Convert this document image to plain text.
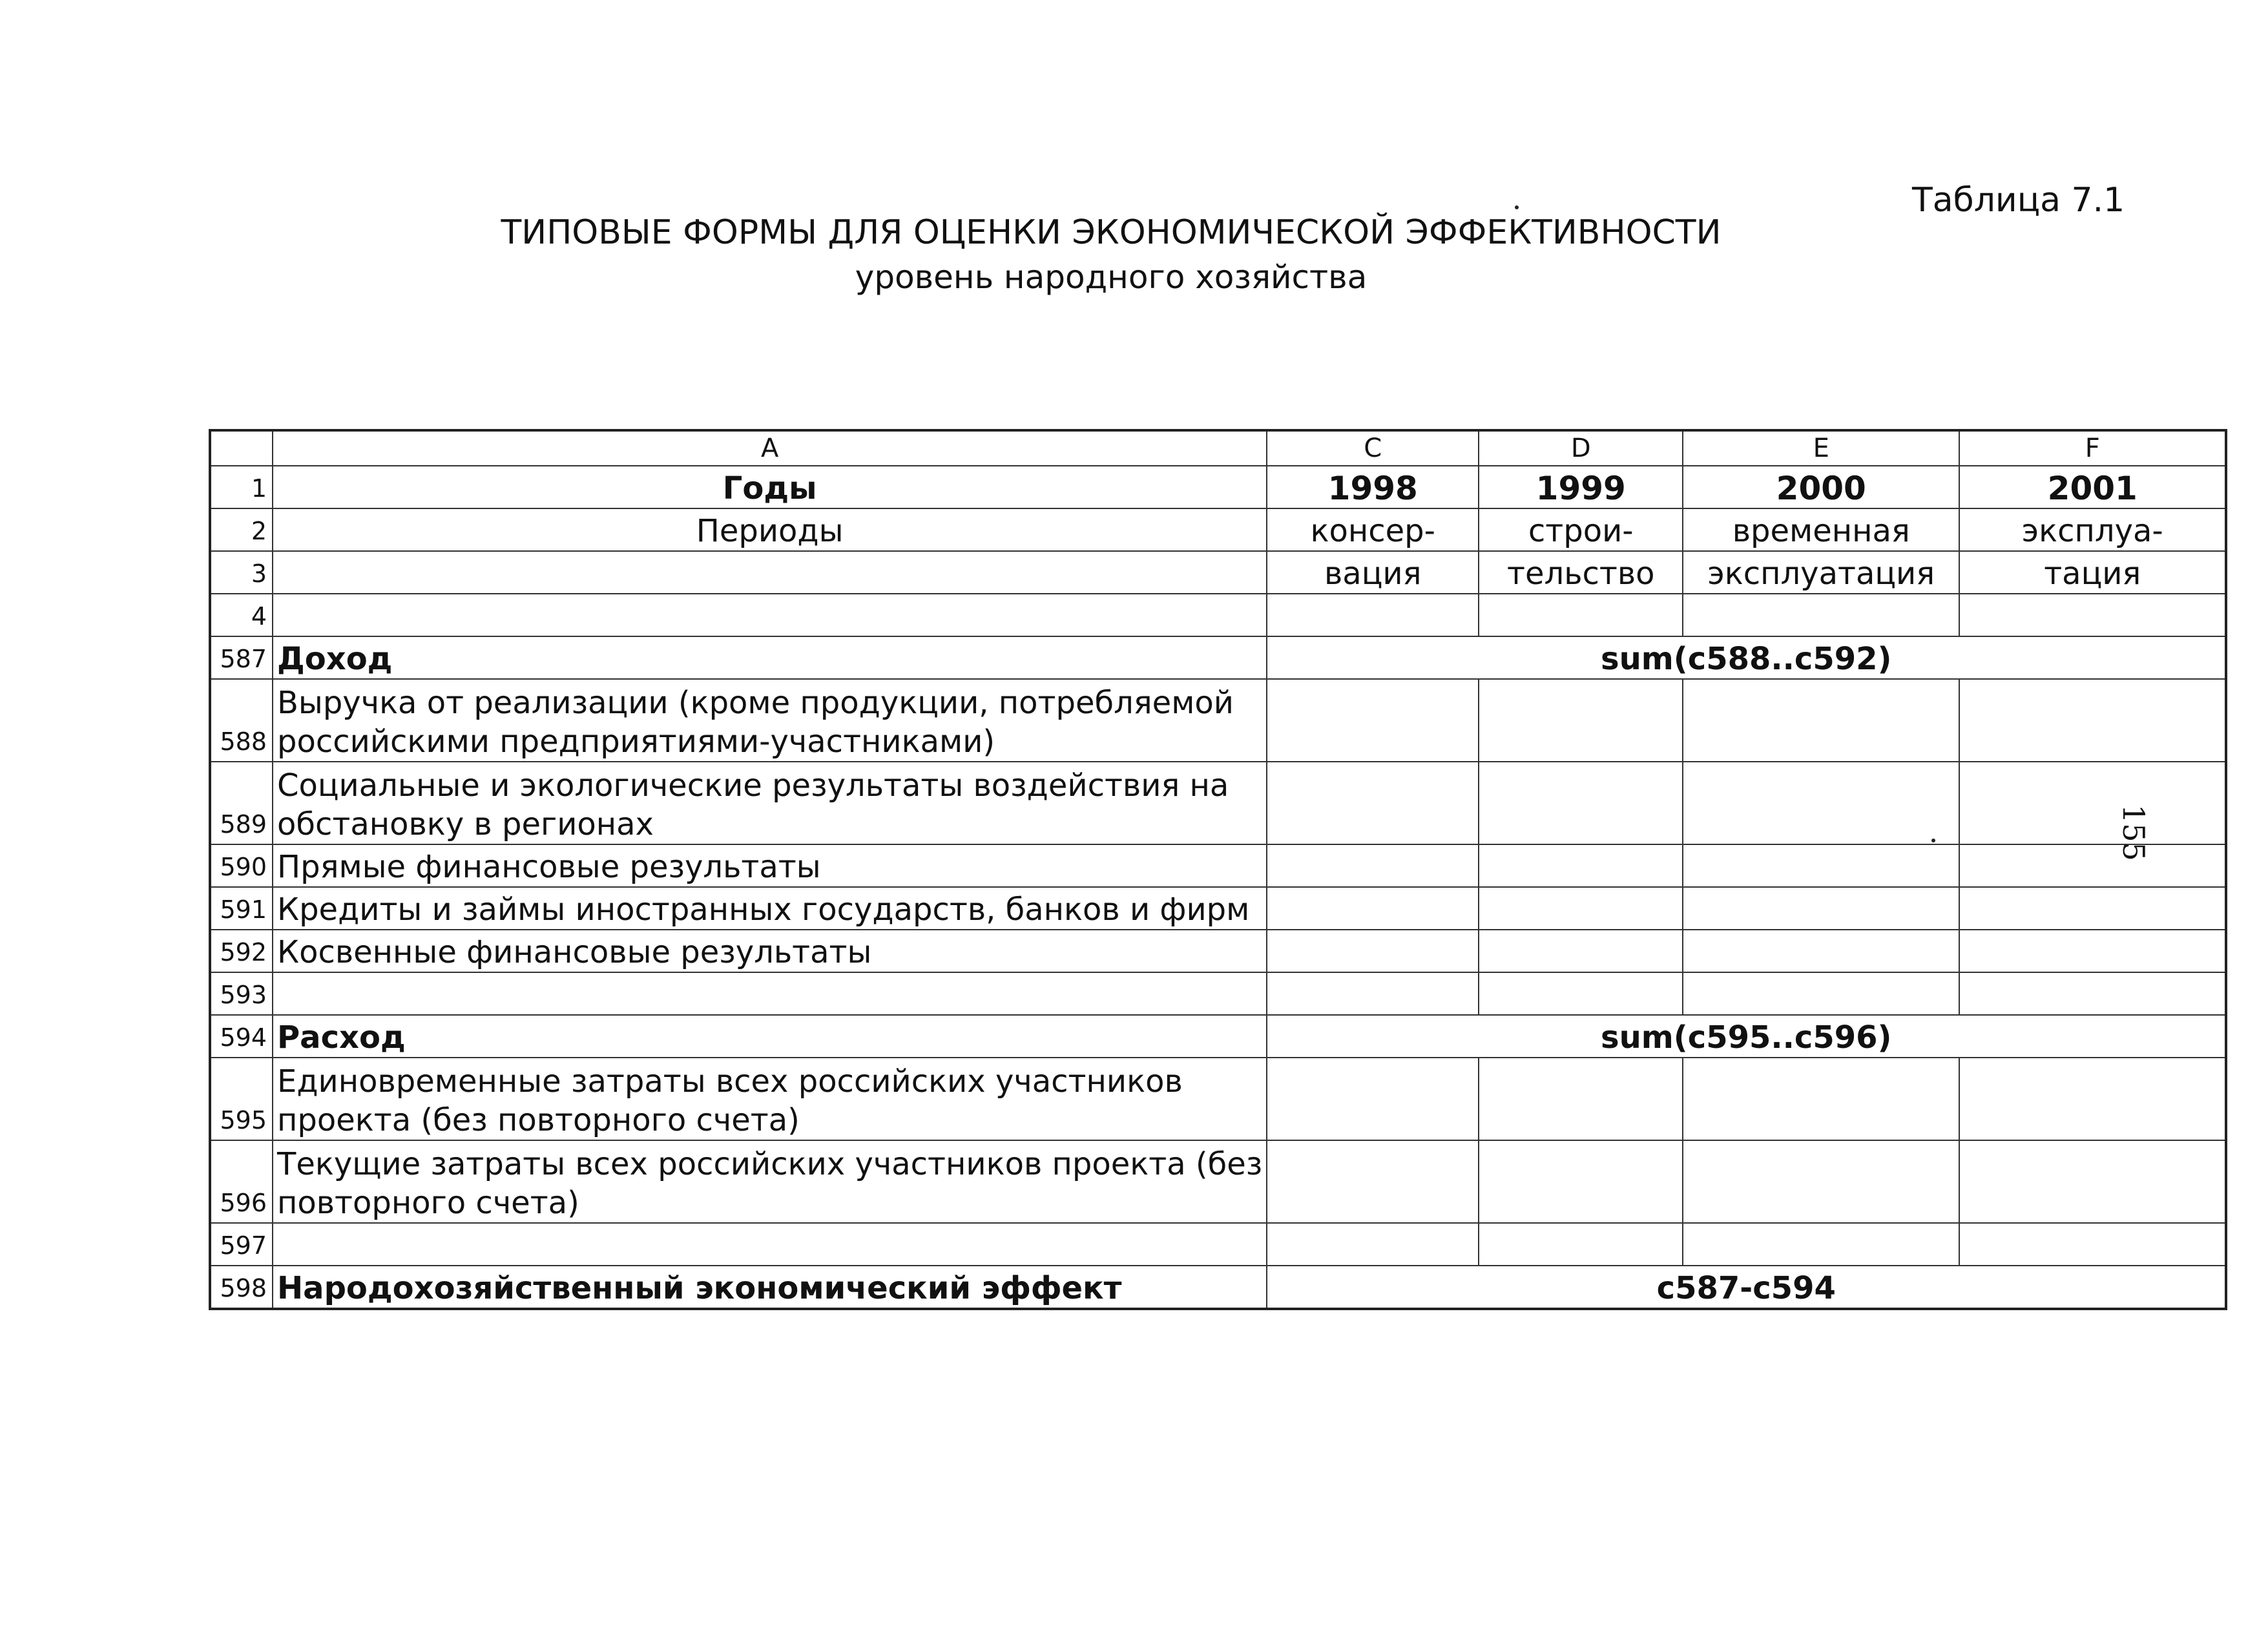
Таблица 7.1
ТИПОВЫЕ ФОРМЫ ДЛЯ ОЦЕНКИ ЭКОНОМИЧЕСКОЙ ЭФФЕКТИВНОСТИ
уровень народного хозяйства
155
	A	C	D	E	F
1	Годы	1998	1999	2000	2001
2	Периоды	консер-	строи-	временная	эксплуа-
3		вация	тельство	эксплуатация	тация
4					
587	Доход	sum(c588..c592)			
588	Выручка от реализации (кроме продукции, потребляемой
российскими предприятиями-участниками)				

589	Социальные и экологические результаты воздействия на
обстановку в регионах				

590	Прямые финансовые результаты				
591	Кредиты и займы иностранных государств, банков и фирм				
592	Косвенные финансовые результаты				
593					
594	Расход	sum(c595..c596)			
595	Единовременные затраты всех российских участников
проекта (без повторного счета)				

596	Текущие затраты всех российских участников проекта (без
повторного счета)				

597					
598	Народохозяйственный экономический эффект	c587-c594			
